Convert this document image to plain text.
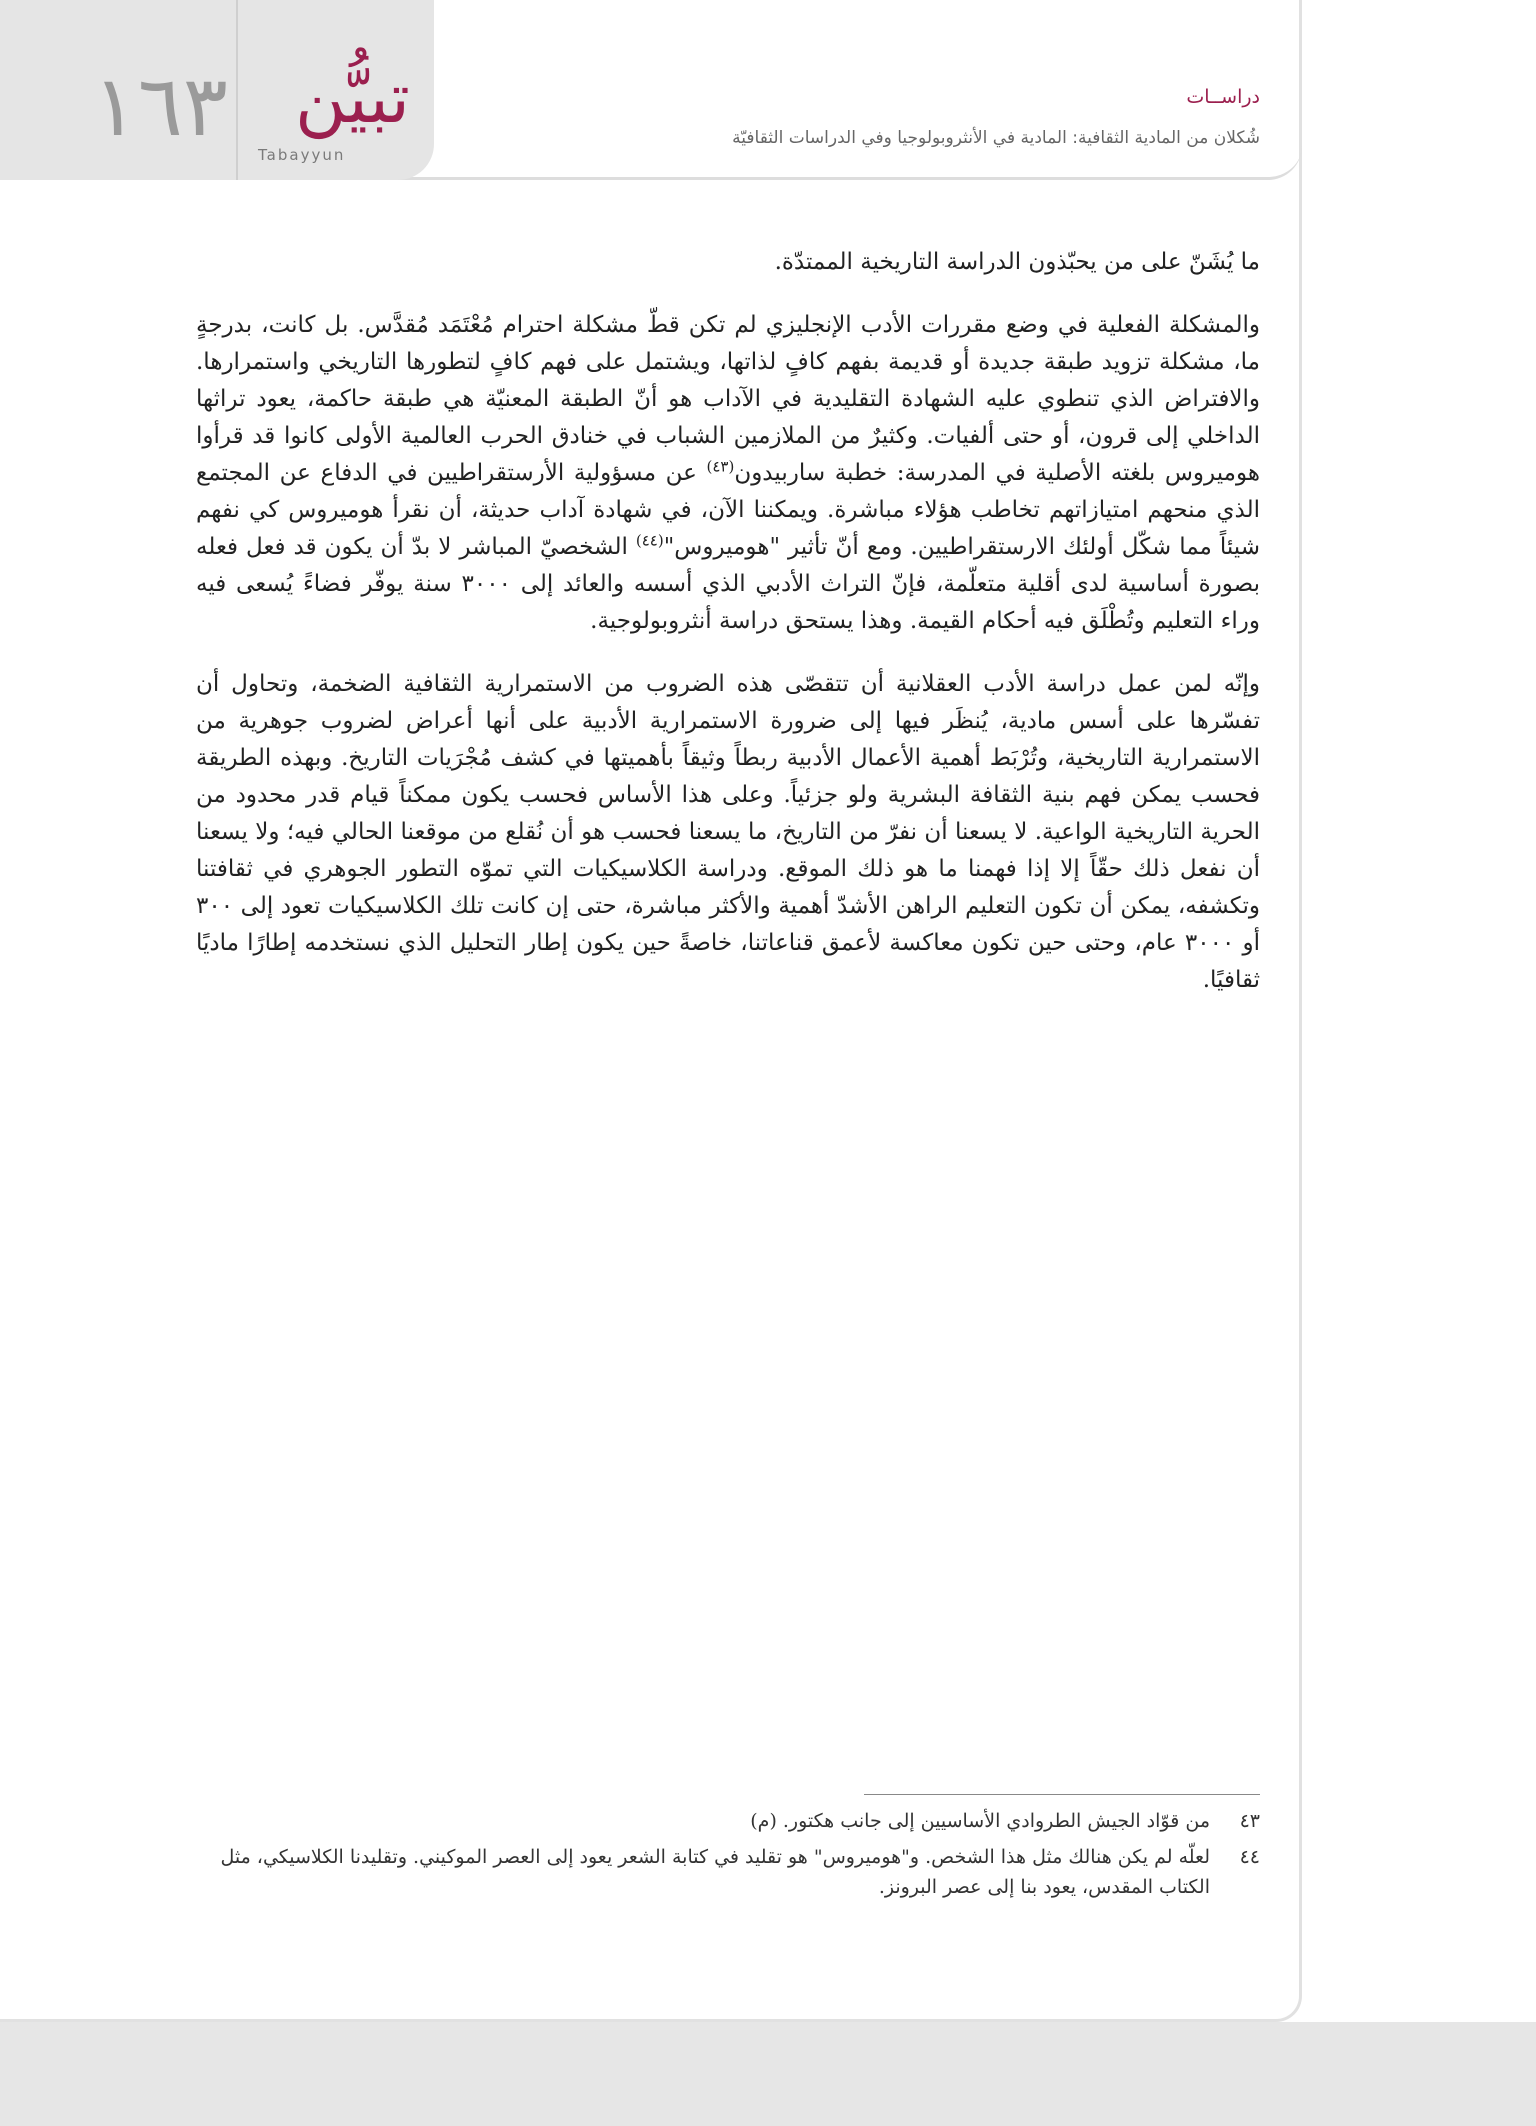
١٦٣ تبيُّن
Tabayyun
دراســات
شُكلان من المادية الثقافية: المادية في الأنثروبولوجيا وفي الدراسات الثقافيّة

ما يُشَنّ على من يحبّذون الدراسة التاريخية الممتدّة.

والمشكلة الفعلية في وضع مقررات الأدب الإنجليزي لم تكن قطّ مشكلة احترام مُعْتَمَد مُقدَّس. بل كانت، بدرجةٍ ما، مشكلة تزويد طبقة جديدة أو قديمة بفهم كافٍ لذاتها، ويشتمل على فهم كافٍ لتطورها التاريخي واستمرارها. والافتراض الذي تنطوي عليه الشهادة التقليدية في الآداب هو أنّ الطبقة المعنيّة هي طبقة حاكمة، يعود تراثها الداخلي إلى قرون، أو حتى ألفيات. وكثيرٌ من الملازمين الشباب في خنادق الحرب العالمية الأولى كانوا قد قرأوا هوميروس بلغته الأصلية في المدرسة: خطبة ساربيدون$^{(٤٣)}$ عن مسؤولية الأرستقراطيين في الدفاع عن المجتمع الذي منحهم امتيازاتهم تخاطب هؤلاء مباشرة. ويمكننا الآن، في شهادة آداب حديثة، أن نقرأ هوميروس كي نفهم شيئاً مما شكّل أولئك الارستقراطيين. ومع أنّ تأثير "هوميروس"$^{(٤٤)}$ الشخصيّ المباشر لا بدّ أن يكون قد فعل فعله بصورة أساسية لدى أقلية متعلّمة، فإنّ التراث الأدبي الذي أسسه والعائد إلى ٣٠٠٠ سنة يوفّر فضاءً يُسعى فيه وراء التعليم وتُطْلَق فيه أحكام القيمة. وهذا يستحق دراسة أنثروبولوجية.

وإنّه لمن عمل دراسة الأدب العقلانية أن تتقصّى هذه الضروب من الاستمرارية الثقافية الضخمة، وتحاول أن تفسّرها على أسس مادية، يُنظَر فيها إلى ضرورة الاستمرارية الأدبية على أنها أعراض لضروب جوهرية من الاستمرارية التاريخية، وتُرْبَط أهمية الأعمال الأدبية ربطاً وثيقاً بأهميتها في كشف مُجْرَيات التاريخ. وبهذه الطريقة فحسب يمكن فهم بنية الثقافة البشرية ولو جزئياً. وعلى هذا الأساس فحسب يكون ممكناً قيام قدر محدود من الحرية التاريخية الواعية. لا يسعنا أن نفرّ من التاريخ، ما يسعنا فحسب هو أن نُقلع من موقعنا الحالي فيه؛ ولا يسعنا أن نفعل ذلك حقّاً إلا إذا فهمنا ما هو ذلك الموقع. ودراسة الكلاسيكيات التي تموّه التطور الجوهري في ثقافتنا وتكشفه، يمكن أن تكون التعليم الراهن الأشدّ أهمية والأكثر مباشرة، حتى إن كانت تلك الكلاسيكيات تعود إلى ٣٠٠ أو ٣٠٠٠ عام، وحتى حين تكون معاكسة لأعمق قناعاتنا، خاصةً حين يكون إطار التحليل الذي نستخدمه إطارًا ماديًا ثقافيًا.

٤٣
من قوّاد الجيش الطروادي الأساسيين إلى جانب هكتور. (م)
٤٤
لعلّه لم يكن هنالك مثل هذا الشخص. و"هوميروس" هو تقليد في كتابة الشعر يعود إلى العصر الموكيني. وتقليدنا الكلاسيكي، مثل الكتاب المقدس، يعود بنا إلى عصر البرونز.
